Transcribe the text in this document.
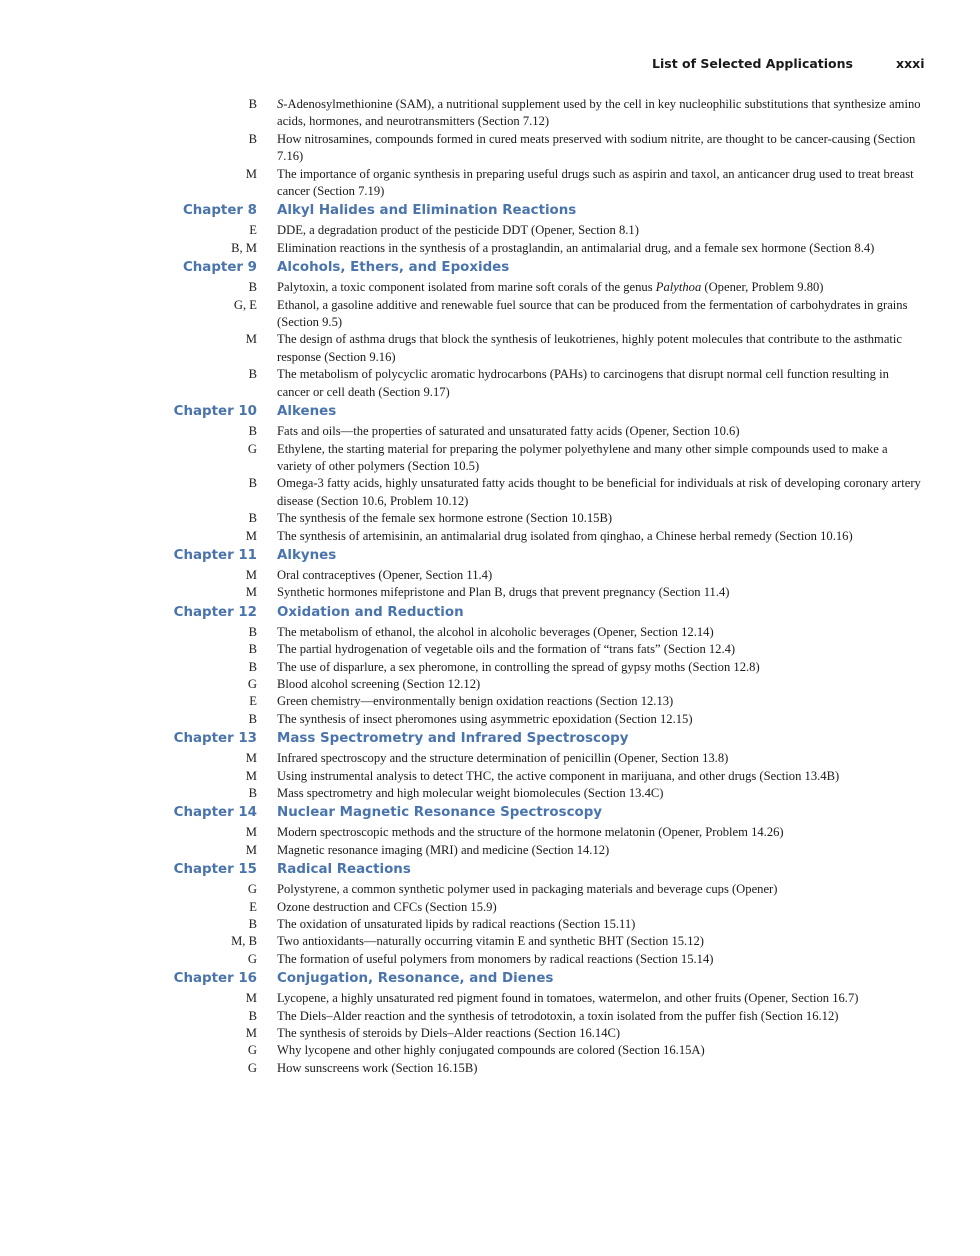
List of Selected Applications	xxxi
B S-Adenosylmethionine (SAM), a nutritional supplement used by the cell in key nucleophilic substitutions that synthesize amino acids, hormones, and neurotransmitters (Section 7.12)
B How nitrosamines, compounds formed in cured meats preserved with sodium nitrite, are thought to be cancer-causing (Section 7.16)
M The importance of organic synthesis in preparing useful drugs such as aspirin and taxol, an anticancer drug used to treat breast cancer (Section 7.19)
Chapter 8 Alkyl Halides and Elimination Reactions
E DDE, a degradation product of the pesticide DDT (Opener, Section 8.1)
B, M Elimination reactions in the synthesis of a prostaglandin, an antimalarial drug, and a female sex hormone (Section 8.4)
Chapter 9 Alcohols, Ethers, and Epoxides
B Palytoxin, a toxic component isolated from marine soft corals of the genus Palythoa (Opener, Problem 9.80)
G, E Ethanol, a gasoline additive and renewable fuel source that can be produced from the fermentation of carbohydrates in grains (Section 9.5)
M The design of asthma drugs that block the synthesis of leukotrienes, highly potent molecules that contribute to the asthmatic response (Section 9.16)
B The metabolism of polycyclic aromatic hydrocarbons (PAHs) to carcinogens that disrupt normal cell function resulting in cancer or cell death (Section 9.17)
Chapter 10 Alkenes
B Fats and oils—the properties of saturated and unsaturated fatty acids (Opener, Section 10.6)
G Ethylene, the starting material for preparing the polymer polyethylene and many other simple compounds used to make a variety of other polymers (Section 10.5)
B Omega-3 fatty acids, highly unsaturated fatty acids thought to be beneficial for individuals at risk of developing coronary artery disease (Section 10.6, Problem 10.12)
B The synthesis of the female sex hormone estrone (Section 10.15B)
M The synthesis of artemisinin, an antimalarial drug isolated from qinghao, a Chinese herbal remedy (Section 10.16)
Chapter 11 Alkynes
M Oral contraceptives (Opener, Section 11.4)
M Synthetic hormones mifepristone and Plan B, drugs that prevent pregnancy (Section 11.4)
Chapter 12 Oxidation and Reduction
B The metabolism of ethanol, the alcohol in alcoholic beverages (Opener, Section 12.14)
B The partial hydrogenation of vegetable oils and the formation of “trans fats” (Section 12.4)
B The use of disparlure, a sex pheromone, in controlling the spread of gypsy moths (Section 12.8)
G Blood alcohol screening (Section 12.12)
E Green chemistry—environmentally benign oxidation reactions (Section 12.13)
B The synthesis of insect pheromones using asymmetric epoxidation (Section 12.15)
Chapter 13 Mass Spectrometry and Infrared Spectroscopy
M Infrared spectroscopy and the structure determination of penicillin (Opener, Section 13.8)
M Using instrumental analysis to detect THC, the active component in marijuana, and other drugs (Section 13.4B)
B Mass spectrometry and high molecular weight biomolecules (Section 13.4C)
Chapter 14 Nuclear Magnetic Resonance Spectroscopy
M Modern spectroscopic methods and the structure of the hormone melatonin (Opener, Problem 14.26)
M Magnetic resonance imaging (MRI) and medicine (Section 14.12)
Chapter 15 Radical Reactions
G Polystyrene, a common synthetic polymer used in packaging materials and beverage cups (Opener)
E Ozone destruction and CFCs (Section 15.9)
B The oxidation of unsaturated lipids by radical reactions (Section 15.11)
M, B Two antioxidants—naturally occurring vitamin E and synthetic BHT (Section 15.12)
G The formation of useful polymers from monomers by radical reactions (Section 15.14)
Chapter 16 Conjugation, Resonance, and Dienes
M Lycopene, a highly unsaturated red pigment found in tomatoes, watermelon, and other fruits (Opener, Section 16.7)
B The Diels–Alder reaction and the synthesis of tetrodotoxin, a toxin isolated from the puffer fish (Section 16.12)
M The synthesis of steroids by Diels–Alder reactions (Section 16.14C)
G Why lycopene and other highly conjugated compounds are colored (Section 16.15A)
G How sunscreens work (Section 16.15B)
